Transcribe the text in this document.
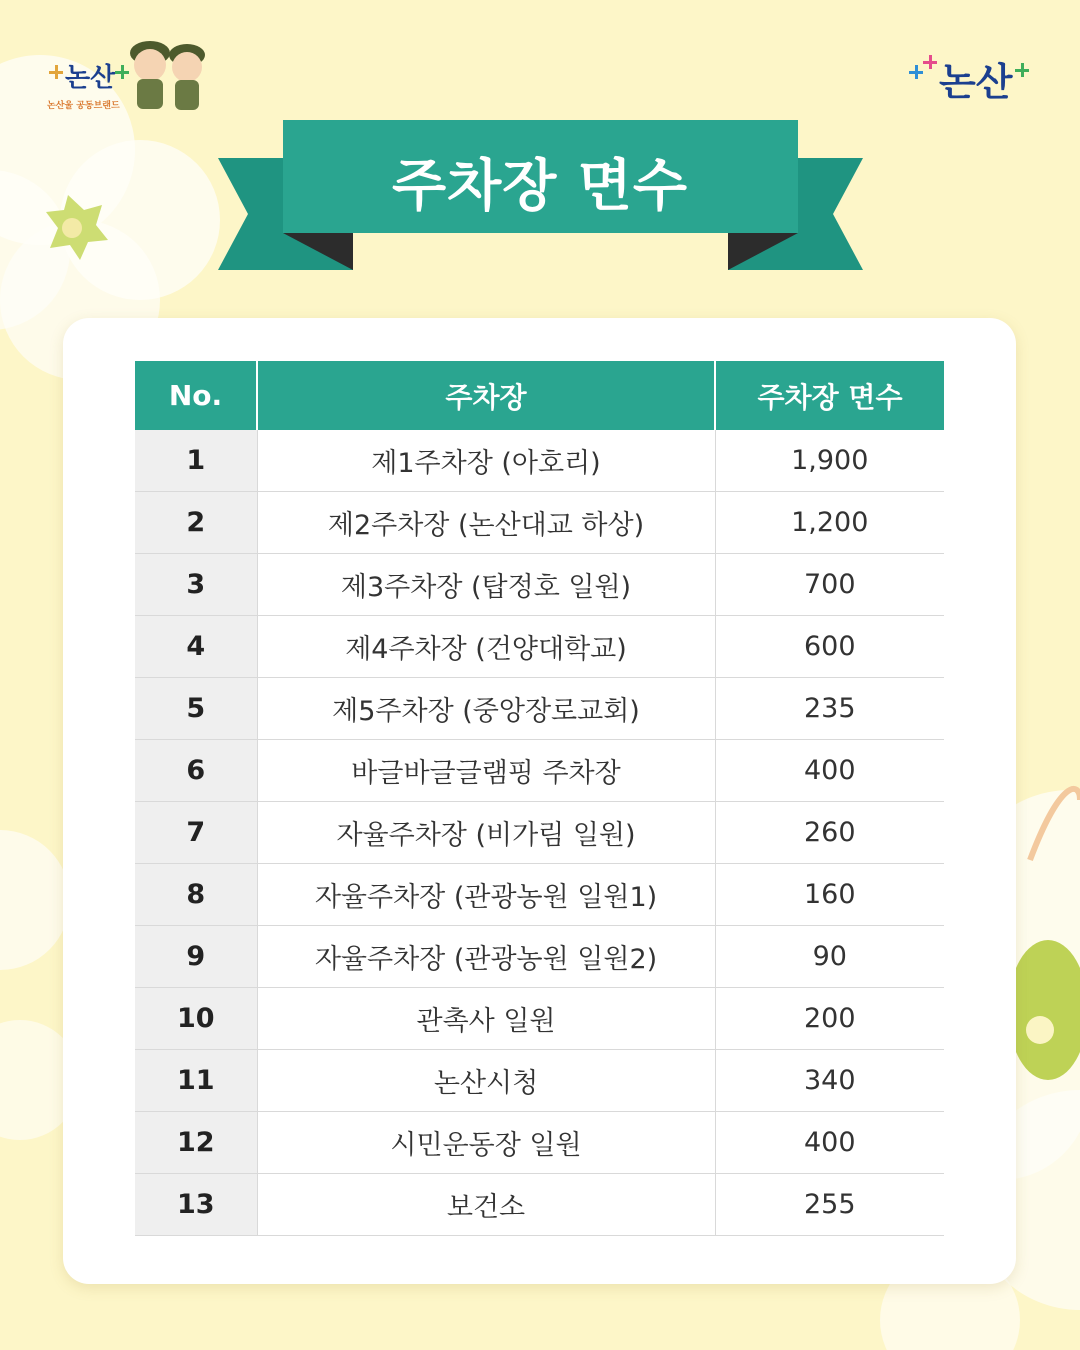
논산
논산울 공동브랜드
논산
주차장 면수
No.	주차장	주차장 면수
1	제1주차장 (아호리)	1,900
2	제2주차장 (논산대교 하상)	1,200
3	제3주차장 (탑정호 일원)	700
4	제4주차장 (건양대학교)	600
5	제5주차장 (중앙장로교회)	235
6	바글바글글램핑 주차장	400
7	자율주차장 (비가림 일원)	260
8	자율주차장 (관광농원 일원1)	160
9	자율주차장 (관광농원 일원2)	90
10	관촉사 일원	200
11	논산시청	340
12	시민운동장 일원	400
13	보건소	255
